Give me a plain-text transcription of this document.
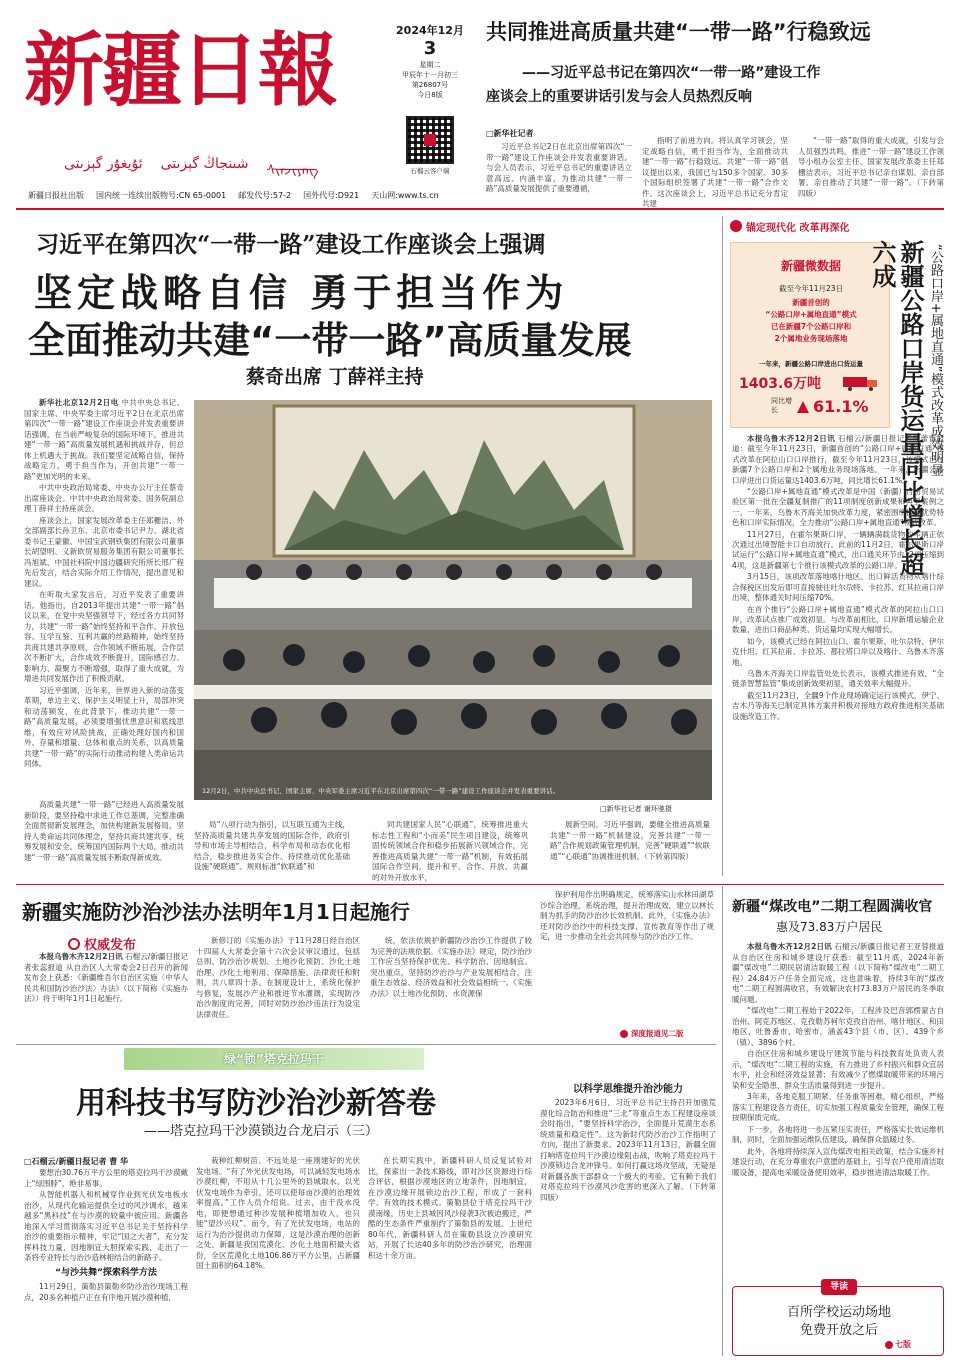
新疆日報
ئۇيغۇر گېزىتى شىنجاڭ گېزىتى ᠰᠢᠨᠵᠢᠶᠠᠩ
2024年12月
3
星期二
甲辰年十一月初三
第26807号
今日8版
石榴云客户端
新疆日报社出版 国内统一连续出版物号:CN 65-0001 邮发代号:57-2 国外代号:D921 天山网:www.ts.cn
共同推进高质量共建“一带一路”行稳致远
——习近平总书记在第四次“一带一路”建设工作
座谈会上的重要讲话引发与会人员热烈反响
□新华社记者

习近平总书记2日在北京出席第四次“一带一路”建设工作座谈会并发表重要讲话。与会人员表示，习近平总书记的重要讲话立意高远、内涵丰富，为推动共建“一带一路”高质量发展提供了重要遵循，

指明了前进方向。将认真学习领会，坚定战略自信，勇于担当作为，全面推动共建“一带一路”行稳致远。共建“一带一路”倡议提出以来，我国已与150多个国家、30多个国际组织签署了共建“一带一路”合作文件。这次座谈会上，习近平总书记充分肯定共建

“一带一路”取得的重大成就，引发与会人员强烈共鸣。推进“一带一路”建设工作领导小组办公室主任、国家发展改革委主任郑栅洁表示，习近平总书记亲自谋划、亲自部署、亲自推动了共建“一带一路”。（下转第四版）

习近平在第四次“一带一路”建设工作座谈会上强调
坚定战略自信 勇于担当作为
全面推动共建“一带一路”高质量发展
蔡奇出席 丁薛祥主持

新华社北京12月2日电 中共中央总书记、国家主席、中央军委主席习近平2日在北京出席第四次“一带一路”建设工作座谈会并发表重要讲话强调，在当前严峻复杂的国际环境下，推进共建“一带一路”高质量发展机遇和挑战并存，但总体上机遇大于挑战。我们要坚定战略自信，保持战略定力，勇于担当作为，开创共建“一带一路”更加光明的未来。

中共中央政治局常委、中央办公厅主任蔡奇出席座谈会。中共中央政治局常委、国务院副总理丁薛祥主持座谈会。

座谈会上，国家发展改革委主任郑栅洁、外交部副部长孙卫东、北京市委书记尹力、湖北省委书记王蒙徽、中国宝武钢铁集团有限公司董事长胡望明、义新欧贸易服务集团有限公司董事长冯旭斌、中国社科院中国边疆研究所所长邢广程先后发言，结合实际介绍工作情况，提出意见和建议。

在听取大家发言后，习近平发表了重要讲话。他指出，自2013年提出共建“一带一路”倡议以来，在党中央坚强领导下，经过各方共同努力，共建“一带一路”始终坚持和平合作、开放包容、互学互鉴、互利共赢的丝路精神，始终坚持共商共建共享原则，合作领域不断拓展，合作层次不断扩大，合作成效不断提升，国际感召力、影响力、凝聚力不断增强，取得了重大成就，为增进共同发展作出了积极贡献。

习近平强调，近年来，世界进入新的动荡变革期，单边主义、保护主义明显上升，局部冲突和动荡频发，在此背景下，推动共建“一带一路”高质量发展，必须要增强忧患意识和底线思维，有效应对风险挑战，正确处理好国内和国外、存量和增量、总体和重点的关系，以高质量共建“一带一路”的实际行动推动构建人类命运共同体。

高质量共建“一带一路”已经进入高质量发展新阶段，要坚持稳中求进工作总基调，完整准确全面贯彻新发展理念，加快构建新发展格局，坚持人类命运共同体理念，坚持共商共建共享，统筹发展和安全，统筹国内国际两个大局，推动共建“一带一路”高质量发展不断取得新成效。

12月2日，中共中央总书记、国家主席、中央军委主席习近平在北京出席第四次“一带一路”建设工作座谈会并发表重要讲话。
□新华社记者 谢环驰摄

局“八项行动为指引，以互联互通为主线，坚持高质量共建共享发展的国际合作，政府引导和市场主导相结合，科学布局和动态优化相结合，稳步推进务实合作。持续推动优化基础设施“硬联通”、规则标准“软联通”和

同共建国家人民“心联通”，统筹推进重大标志性工程和“小而美”民生项目建设，统筹巩固传统领域合作和稳步拓展新兴领域合作，完善推进高质量共建“一带一路”机制，有效拓展国际合作空间，提升和平、合作、开放、共赢的对外开放水平，

展新空间。习近平强调，要健全推进高质量共建“一带一路”机制建设，完善共建“一带一路”合作规划政策管理机制，完善“硬联通”“软联通”“心联通”协调推进机制。（下转第四版）

锚定现代化 改革再深化
新疆微数据
截至今年11月23日
新疆首创的
“公路口岸+属地直通”模式
已在新疆7个公路口岸和
2个属地业务现场落地
一年来，新疆公路口岸进出口货运量
1403.6万吨
同比增长	61.1% 新疆公路口岸货运量同比增长超六成	“公路口岸+属地直通”模式改革成效明显

本报乌鲁木齐12月2日讯 石榴云/新疆日报记者陈蕾蕾报道：截至今年11月23日，新疆首创的“公路口岸+属地直通”模式改革在阿拉山口口岸推行，截至今年11月23日，该模式已在新疆7个公路口岸和2个属地业务现场落地。一年来，新疆公路口岸进出口货运量达1403.6万吨，同比增长61.1%。

“公路口岸+属地直通”模式改革是中国（新疆）自由贸易试验区第一批在全疆复制推广的11项制度创新成果和典型案例之一。一年来，乌鲁木齐海关加快改革力度，紧密围绕区域优势特色和口岸实际情况，全力推动“公路口岸+属地直通”模式改革。

11月27日，在霍尔果斯口岸，一辆辆满载货物的车辆正依次通过出境智能卡口自动放行。此前的11月2日，霍尔果斯口岸试运行“公路口岸+属地直通”模式，出口通关环节由12项压缩到4项，这是新疆第七个推行该模式改革的公路口岸。

3月15日，该项改革落地喀什地区。出口鲜活货物从喀什综合保税区出发后即可直接驶往吐尔尕特、卡拉苏、红其拉甫口岸出境，整体通关时间压缩70%。

在首个推行“公路口岸+属地直通”模式改革的阿拉山口口岸，改革试点推广成效初显。与改革前相比，口岸新增运输企业数量、进出口商品种类、货运量均实现大幅增长。

如今，该模式已经在阿拉山口、霍尔果斯、吐尔尕特、伊尔克什坦、红其拉甫、卡拉苏、都拉塔口岸以及喀什、乌鲁木齐落地。

乌鲁木齐海关口岸监管处处长表示，该模式推进有效，“全链条智慧监管”集成创新效果初显，通关效率大幅提升。

截至11月23日，全疆9个作业现场确定运行该模式，伊宁、吉木乃等海关已制定具体方案并积极对接地方政府推进相关基础设施改造工作。

新疆实施防沙治沙法办法明年1月1日起施行
权威发布

本报乌鲁木齐12月2日讯 石榴云/新疆日报记者张蕊报道 从自治区人大常委会2日召开的新闻发布会上获悉：《新疆维吾尔自治区实施〈中华人民共和国防沙治沙法〉办法》（以下简称《实施办法》）将于明年1月1日起施行。

新修订的《实施办法》于11月28日经自治区十四届人大常委会第十六次会议审议通过，包括总则、防沙治沙规划、土地沙化预防、沙化土地治理、沙化土地利用、保障措施、法律责任和附则，共八章四十条。在制度设计上，系统化保护与修复，发展沙产业和推进节水灌溉，实现防沙治沙制度的完善，同时对防沙治沙违法行为设定法律责任。

统，依法依规护新疆防沙治沙工作提供了较为完善的法规依据。《实施办法》规定，防沙治沙工作应当坚持保护优先、科学防治、因地制宜、突出重点，坚持防沙治沙与产业发展相结合，注重生态效益、经济效益和社会效益相统一。《实施办法》以土地沙化预防、水资源保

保护利用作出明确规定，统筹落实山水林田湖草沙综合治理，系统治理，提升治理成效，建立以林长制为抓手的防沙治沙长效机制。此外，《实施办法》还对防沙治沙中的科技支撑、宣传教育等作出了规定，进一步推动全社会共同参与防沙治沙工作。

深度报道见二版
绿“锁”塔克拉玛干
用科技书写防沙治沙新答卷
——塔克拉玛干沙漠锁边合龙启示（三）
□石榴云/新疆日报记者 曹 华

要想治30.76万平方公里的塔克拉玛干沙漠戴上“绿围脖”，绝非易事。

从智能机器人和机械穿作业到光伏发电板水治沙，从现代化输运提供全过的风沙调水，越来越多“黑科技”在与沙漠的较量中被应用。新疆各地深入学习贯彻落实习近平总书记关于坚持科学治沙的重要指示精神，牢记“国之大者”，充分发挥科技力量，因地制宜大胆探索实践，走出了一条将专业特长与治沙造林相结合的新路子。

“与沙共舞”探索科学方法

11月29日，策勒县策勒乡防沙治沙现场工程点，20多名种植户正在有序地开展沙漠种植，

栽种红柳树苗。不远处是一座刚建好的光伏发电场。“有了外光伏发电场，可以减轻发电场水沙漠红柳，不用从十几公里外的县城取水。以光伏发电场作为牵引，还可以使每亩沙漠的治理效率提高。”工作人员介绍说。过去，由于没水没电，即便想通过种沙发展种植增加收入，也只能“望沙兴叹”。而今，有了光伏发电场，电站的运行为治沙提供动力保障，这是沙漠治理的创新之处。新疆是我国荒漠化、沙化土地面积最大省份，全区荒漠化土地106.86万平方公里，占新疆国土面积的64.18%。

在长期实践中，新疆科研人员反复试验对比，探索出一条技术路线，即对沙区资源进行综合评估，根据沙漠地区的立地条件，因地制宜，在沙漠边缘开展锁边治沙工程，形成了一套科学、有效的技术模式。策勒县位于塔克拉玛干沙漠南缘，历史上县城因风沙侵袭3次被迫搬迁，严酷的生态条件严重制约了策勒县的发展。上世纪80年代，新疆科研人员在策勒县设立沙漠研究站，开展了长达40多年的防沙治沙研究，治理面积达十余万亩。

以科学思维提升治沙能力

2023年6月6日，习近平总书记主持召开加强荒漠化综合防治和推进“三北”等重点生态工程建设座谈会时指出，“要坚持科学治沙，全面提升荒漠生态系统质量和稳定性”。这为新时代防沙治沙工作指明了方向，提出了新要求。2023年11月13日，新疆全面打响塔克拉玛干沙漠边缘阻击战，吹响了塔克拉玛干沙漠锁边合龙冲锋号。如何打赢这场攻坚战，无疑是对新疆各族干部群众一个极大的考验。它有赖于我们对塔克拉玛干沙漠风沙危害的更深入了解。（下转第四版）

新疆“煤改电”二期工程圆满收官
惠及73.83万户居民

本报乌鲁木齐12月2日讯 石榴云/新疆日报记者王亚蓉报道 从自治区住房和城乡建设厅获悉：截至11月底，2024年新疆“煤改电”二期民居清洁取暖工程（以下简称“煤改电”二期工程）24.84万户任务全面完成，这也意味着，持续3年的“煤改电”二期工程圆满收官，有效解决农村73.83万户居民的冬季取暖问题。

“煤改电”二期工程始于2022年，工程涉及巴音郭楞蒙古自治州、阿克苏地区、克孜勒苏柯尔克孜自治州、喀什地区、和田地区、吐鲁番市、哈密市，涵盖43个县（市、区）、439个乡（镇）、3896个村。

自治区住房和城乡建设厅建筑节能与科技教育处负责人表示，“煤改电”二期工程的实施，有力推进了乡村振兴和群众宜居水平，社会和经济效益显著；有效减少了燃煤取暖带来的环境污染和安全隐患，群众生活质量得到进一步提升。

3年来，各地克服工期紧、任务重等困难，精心组织，严格落实工程建设各方责任，切实加强工程质量安全管理，确保工程按期保质完成。

下一步，各地将进一步压紧压实责任，严格落实长效运维机制，同时，全面加强运维队伍建设，确保群众温暖过冬。

此外，各地将持续深入宣传煤改电相关政策，结合实施乡村建设行动，在充分尊重农户意愿的基础上，引导农户使用清洁取暖设备，提高电采暖设备使用效率，稳步推进清洁取暖工作。

导读
百所学校运动场地
免费开放之后
七版
